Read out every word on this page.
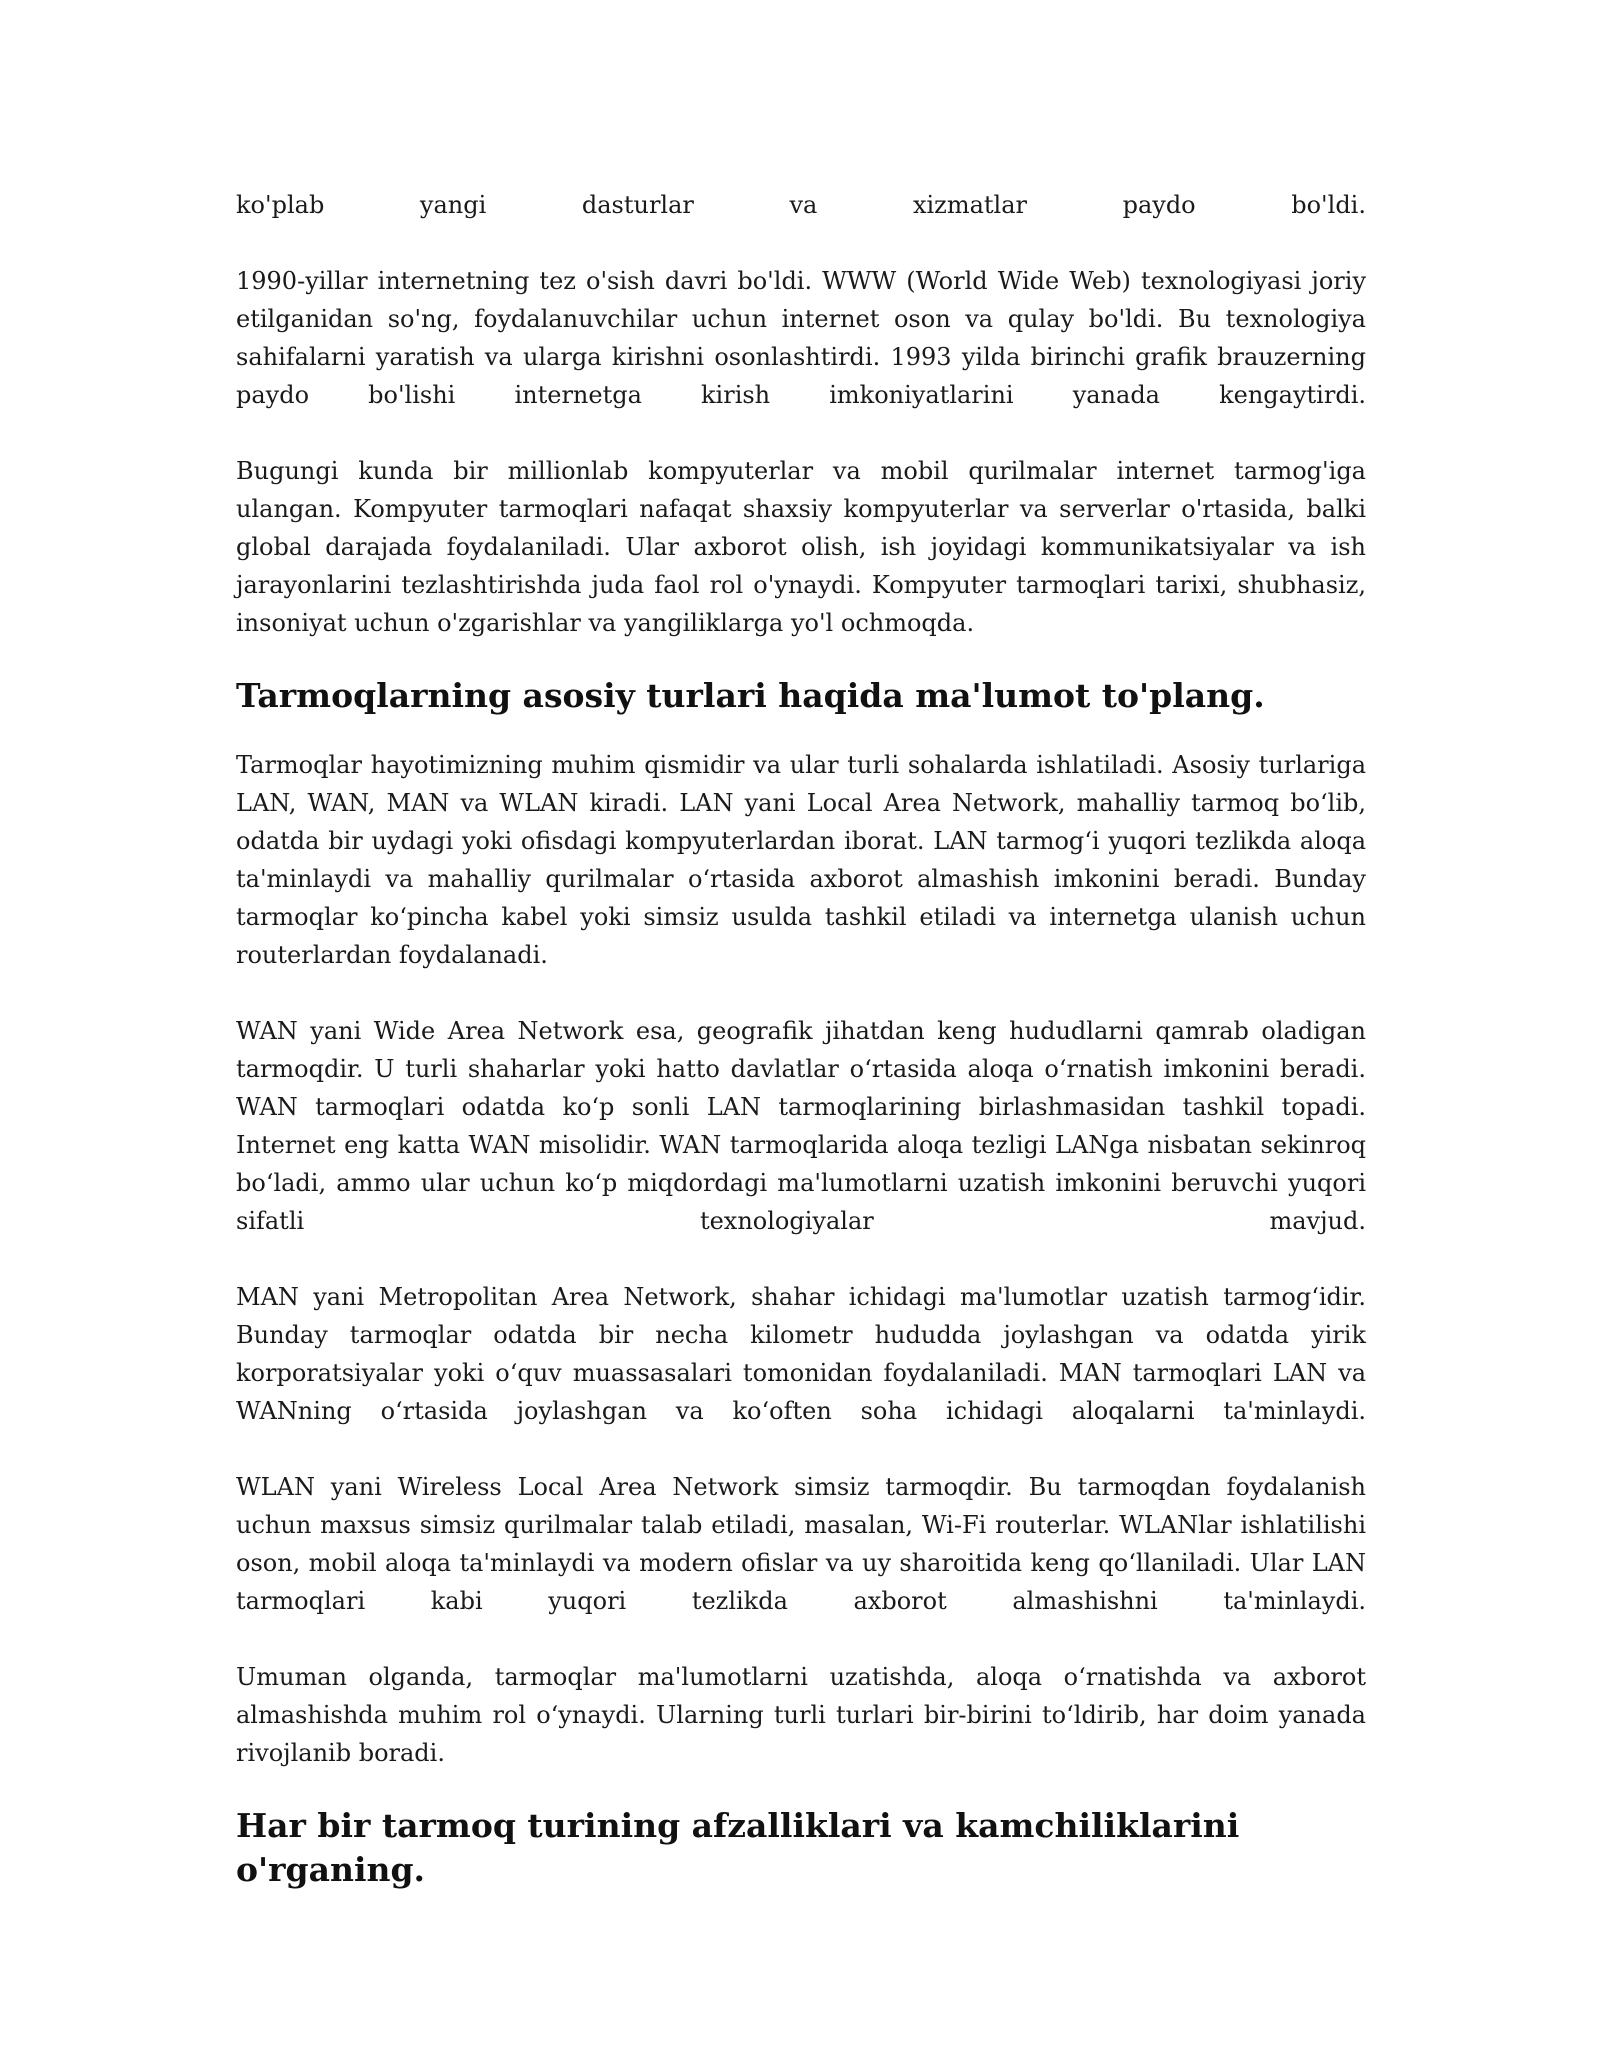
ko'plab yangi dasturlar va xizmatlar paydo bo'ldi.

1990-yillar internetning tez o'sish davri bo'ldi. WWW (World Wide Web) texnologiyasi joriy etilganidan so'ng, foydalanuvchilar uchun internet oson va qulay bo'ldi. Bu texnologiya sahifalarni yaratish va ularga kirishni osonlashtirdi. 1993 yilda birinchi grafik brauzerning paydo bo'lishi internetga kirish imkoniyatlarini yanada kengaytirdi.

Bugungi kunda bir millionlab kompyuterlar va mobil qurilmalar internet tarmog'iga ulangan. Kompyuter tarmoqlari nafaqat shaxsiy kompyuterlar va serverlar o'rtasida, balki global darajada foydalaniladi. Ular axborot olish, ish joyidagi kommunikatsiyalar va ish jarayonlarini tezlashtirishda juda faol rol o'ynaydi. Kompyuter tarmoqlari tarixi, shubhasiz, insoniyat uchun o'zgarishlar va yangiliklarga yo'l ochmoqda.

Tarmoqlarning asosiy turlari haqida ma'lumot to'plang.

Tarmoqlar hayotimizning muhim qismidir va ular turli sohalarda ishlatiladi. Asosiy turlariga LAN, WAN, MAN va WLAN kiradi. LAN yani Local Area Network, mahalliy tarmoq bo‘lib, odatda bir uydagi yoki ofisdagi kompyuterlardan iborat. LAN tarmog‘i yuqori tezlikda aloqa ta'minlaydi va mahalliy qurilmalar o‘rtasida axborot almashish imkonini beradi. Bunday tarmoqlar ko‘pincha kabel yoki simsiz usulda tashkil etiladi va internetga ulanish uchun routerlardan foydalanadi.

WAN yani Wide Area Network esa, geografik jihatdan keng hududlarni qamrab oladigan tarmoqdir. U turli shaharlar yoki hatto davlatlar o‘rtasida aloqa o‘rnatish imkonini beradi. WAN tarmoqlari odatda ko‘p sonli LAN tarmoqlarining birlashmasidan tashkil topadi. Internet eng katta WAN misolidir. WAN tarmoqlarida aloqa tezligi LANga nisbatan sekinroq bo‘ladi, ammo ular uchun ko‘p miqdordagi ma'lumotlarni uzatish imkonini beruvchi yuqori sifatli texnologiyalar mavjud.

MAN yani Metropolitan Area Network, shahar ichidagi ma'lumotlar uzatish tarmog‘idir. Bunday tarmoqlar odatda bir necha kilometr hududda joylashgan va odatda yirik korporatsiyalar yoki o‘quv muassasalari tomonidan foydalaniladi. MAN tarmoqlari LAN va WANning o‘rtasida joylashgan va ko‘often soha ichidagi aloqalarni ta'minlaydi.

WLAN yani Wireless Local Area Network simsiz tarmoqdir. Bu tarmoqdan foydalanish uchun maxsus simsiz qurilmalar talab etiladi, masalan, Wi-Fi routerlar. WLANlar ishlatilishi oson, mobil aloqa ta'minlaydi va modern ofislar va uy sharoitida keng qo‘llaniladi. Ular LAN tarmoqlari kabi yuqori tezlikda axborot almashishni ta'minlaydi.

Umuman olganda, tarmoqlar ma'lumotlarni uzatishda, aloqa o‘rnatishda va axborot almashishda muhim rol o‘ynaydi. Ularning turli turlari bir-birini to‘ldirib, har doim yanada rivojlanib boradi.

Har bir tarmoq turining afzalliklari va kamchiliklarini o'rganing.
